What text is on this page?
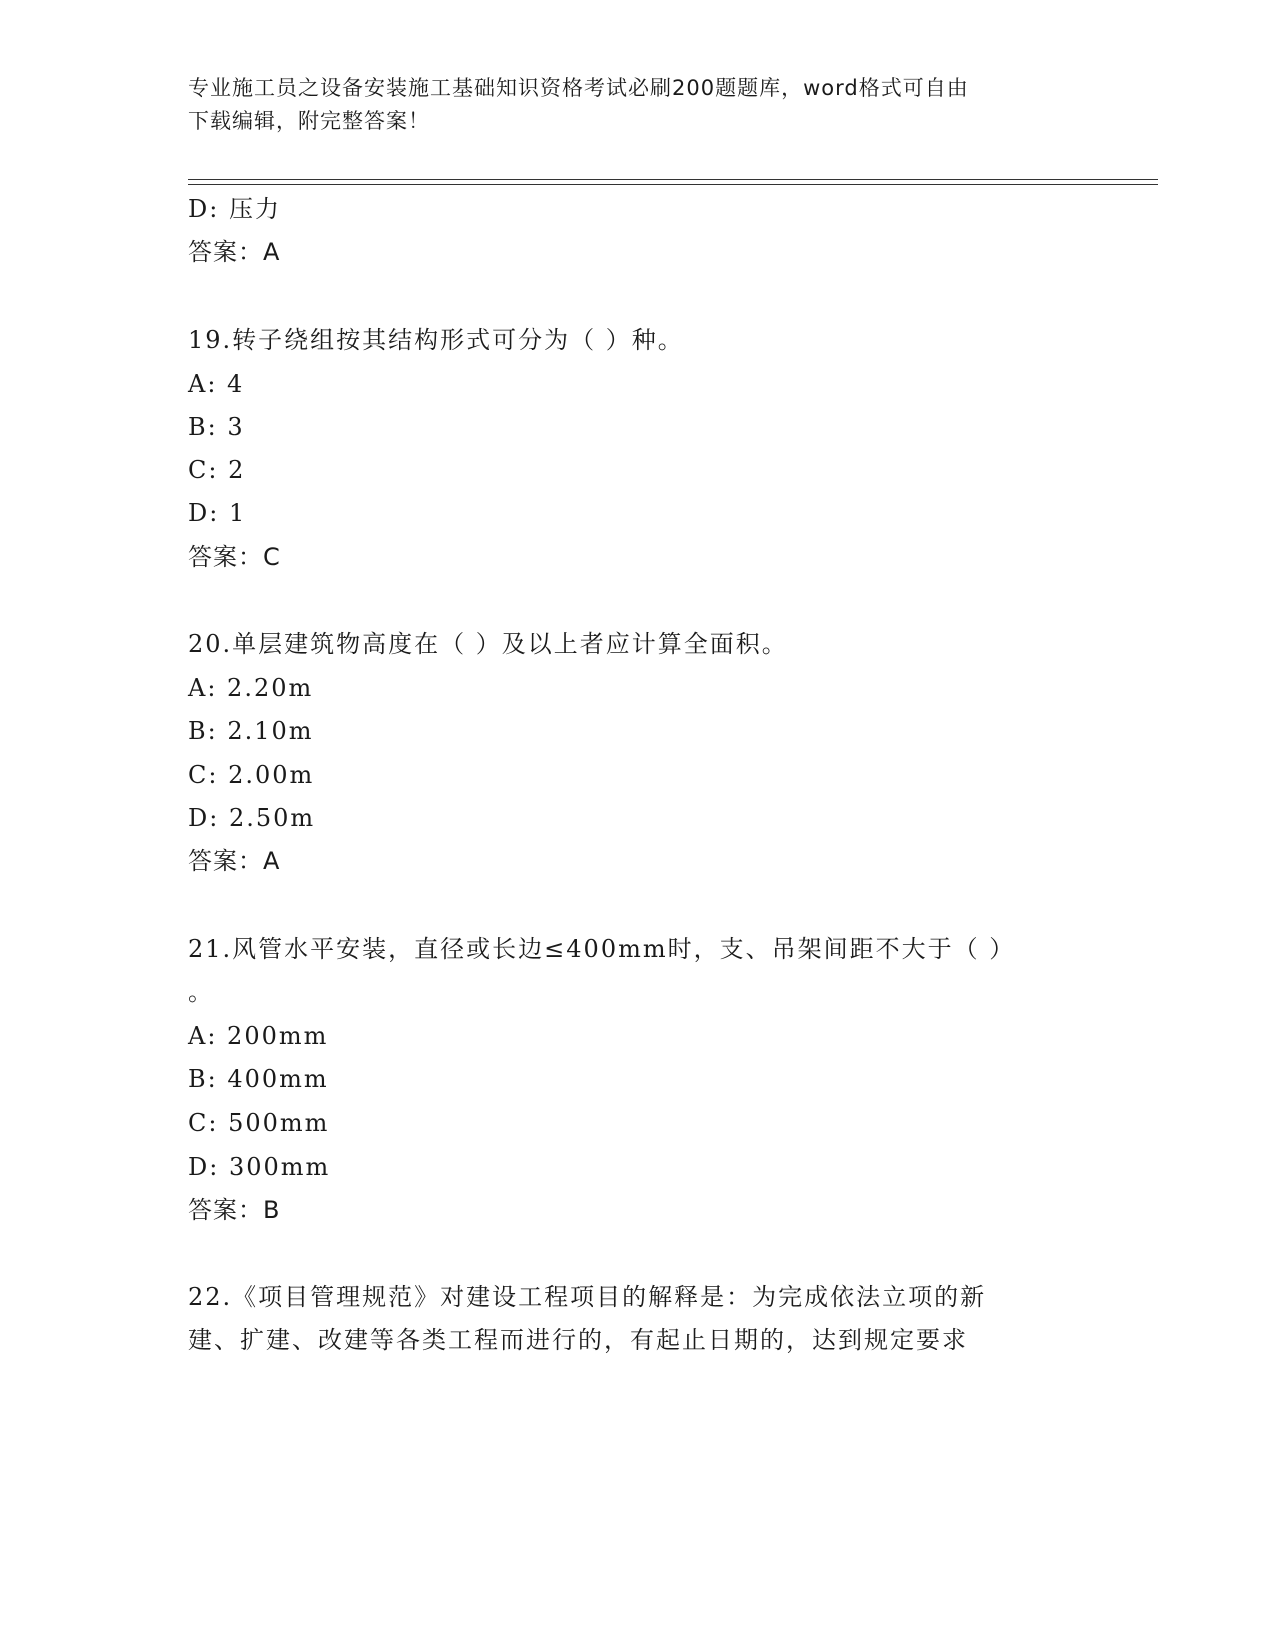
专业施工员之设备安装施工基础知识资格考试必刷200题题库，word格式可自由
下载编辑，附完整答案！
D: 压力
答案：A
19.转子绕组按其结构形式可分为（ ）种。
A: 4
B: 3
C: 2
D: 1
答案：C
20.单层建筑物高度在（ ）及以上者应计算全面积。
A: 2.20m
B: 2.10m
C: 2.00m
D: 2.50m
答案：A
21.风管水平安装，直径或长边≤400mm时，支、吊架间距不大于（ ）
。
A: 200mm
B: 400mm
C: 500mm
D: 300mm
答案：B
22.《项目管理规范》对建设工程项目的解释是：为完成依法立项的新
建、扩建、改建等各类工程而进行的，有起止日期的，达到规定要求
